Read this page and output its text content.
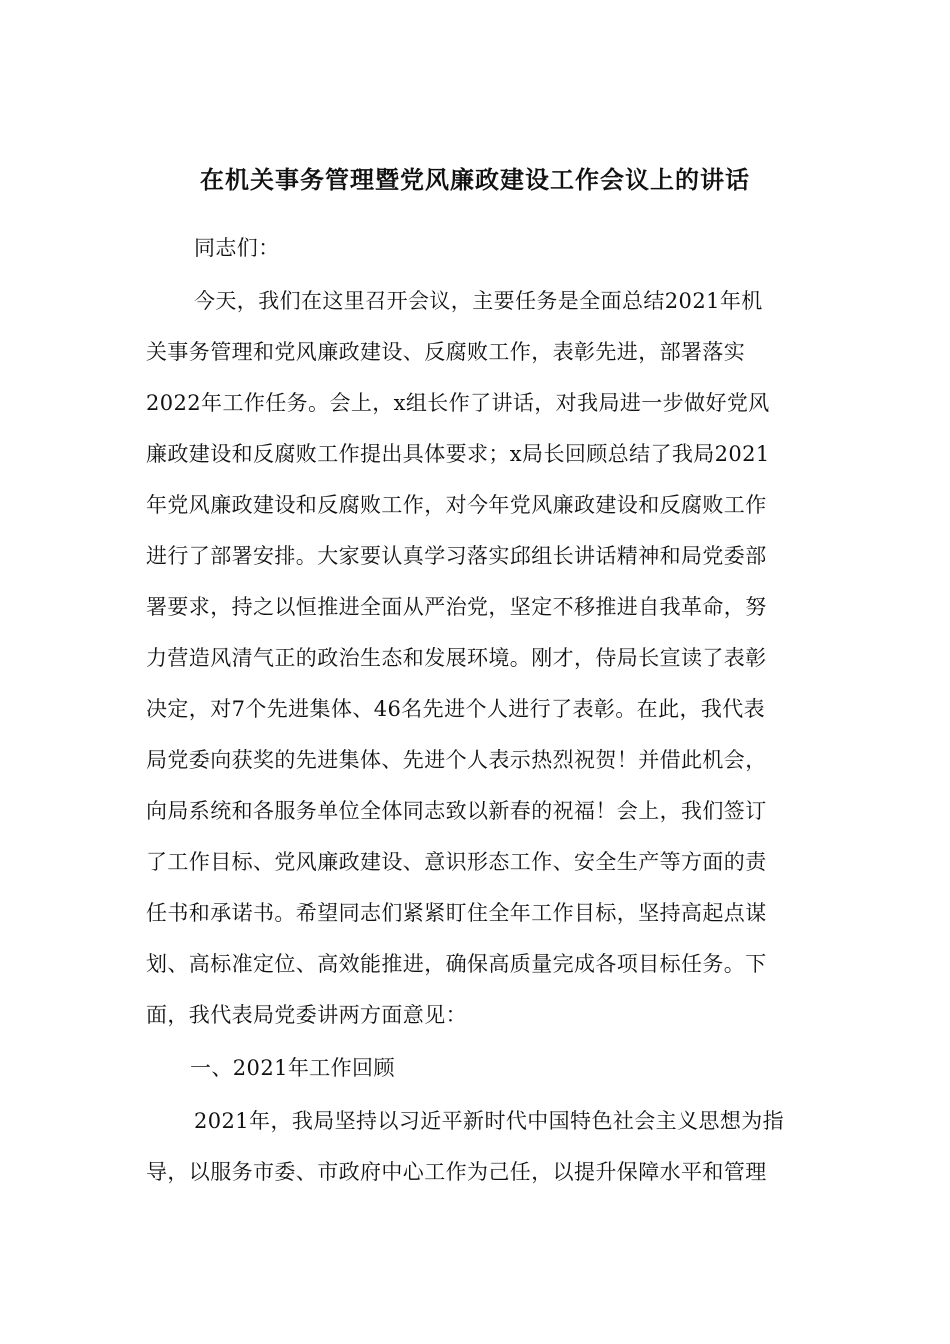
在机关事务管理暨党风廉政建设工作会议上的讲话
同志们：
今天，我们在这里召开会议，主要任务是全面总结2021年机
关事务管理和党风廉政建设、反腐败工作，表彰先进，部署落实
2022年工作任务。会上，x组长作了讲话，对我局进一步做好党风
廉政建设和反腐败工作提出具体要求；x局长回顾总结了我局2021
年党风廉政建设和反腐败工作，对今年党风廉政建设和反腐败工作
进行了部署安排。大家要认真学习落实邱组长讲话精神和局党委部
署要求，持之以恒推进全面从严治党，坚定不移推进自我革命，努
力营造风清气正的政治生态和发展环境。刚才，侍局长宣读了表彰
决定，对7个先进集体、46名先进个人进行了表彰。在此，我代表
局党委向获奖的先进集体、先进个人表示热烈祝贺！并借此机会，
向局系统和各服务单位全体同志致以新春的祝福！会上，我们签订
了工作目标、党风廉政建设、意识形态工作、安全生产等方面的责
任书和承诺书。希望同志们紧紧盯住全年工作目标，坚持高起点谋
划、高标准定位、高效能推进，确保高质量完成各项目标任务。下
面，我代表局党委讲两方面意见：
一、2021年工作回顾
2021年，我局坚持以习近平新时代中国特色社会主义思想为指
导，以服务市委、市政府中心工作为己任，以提升保障水平和管理
